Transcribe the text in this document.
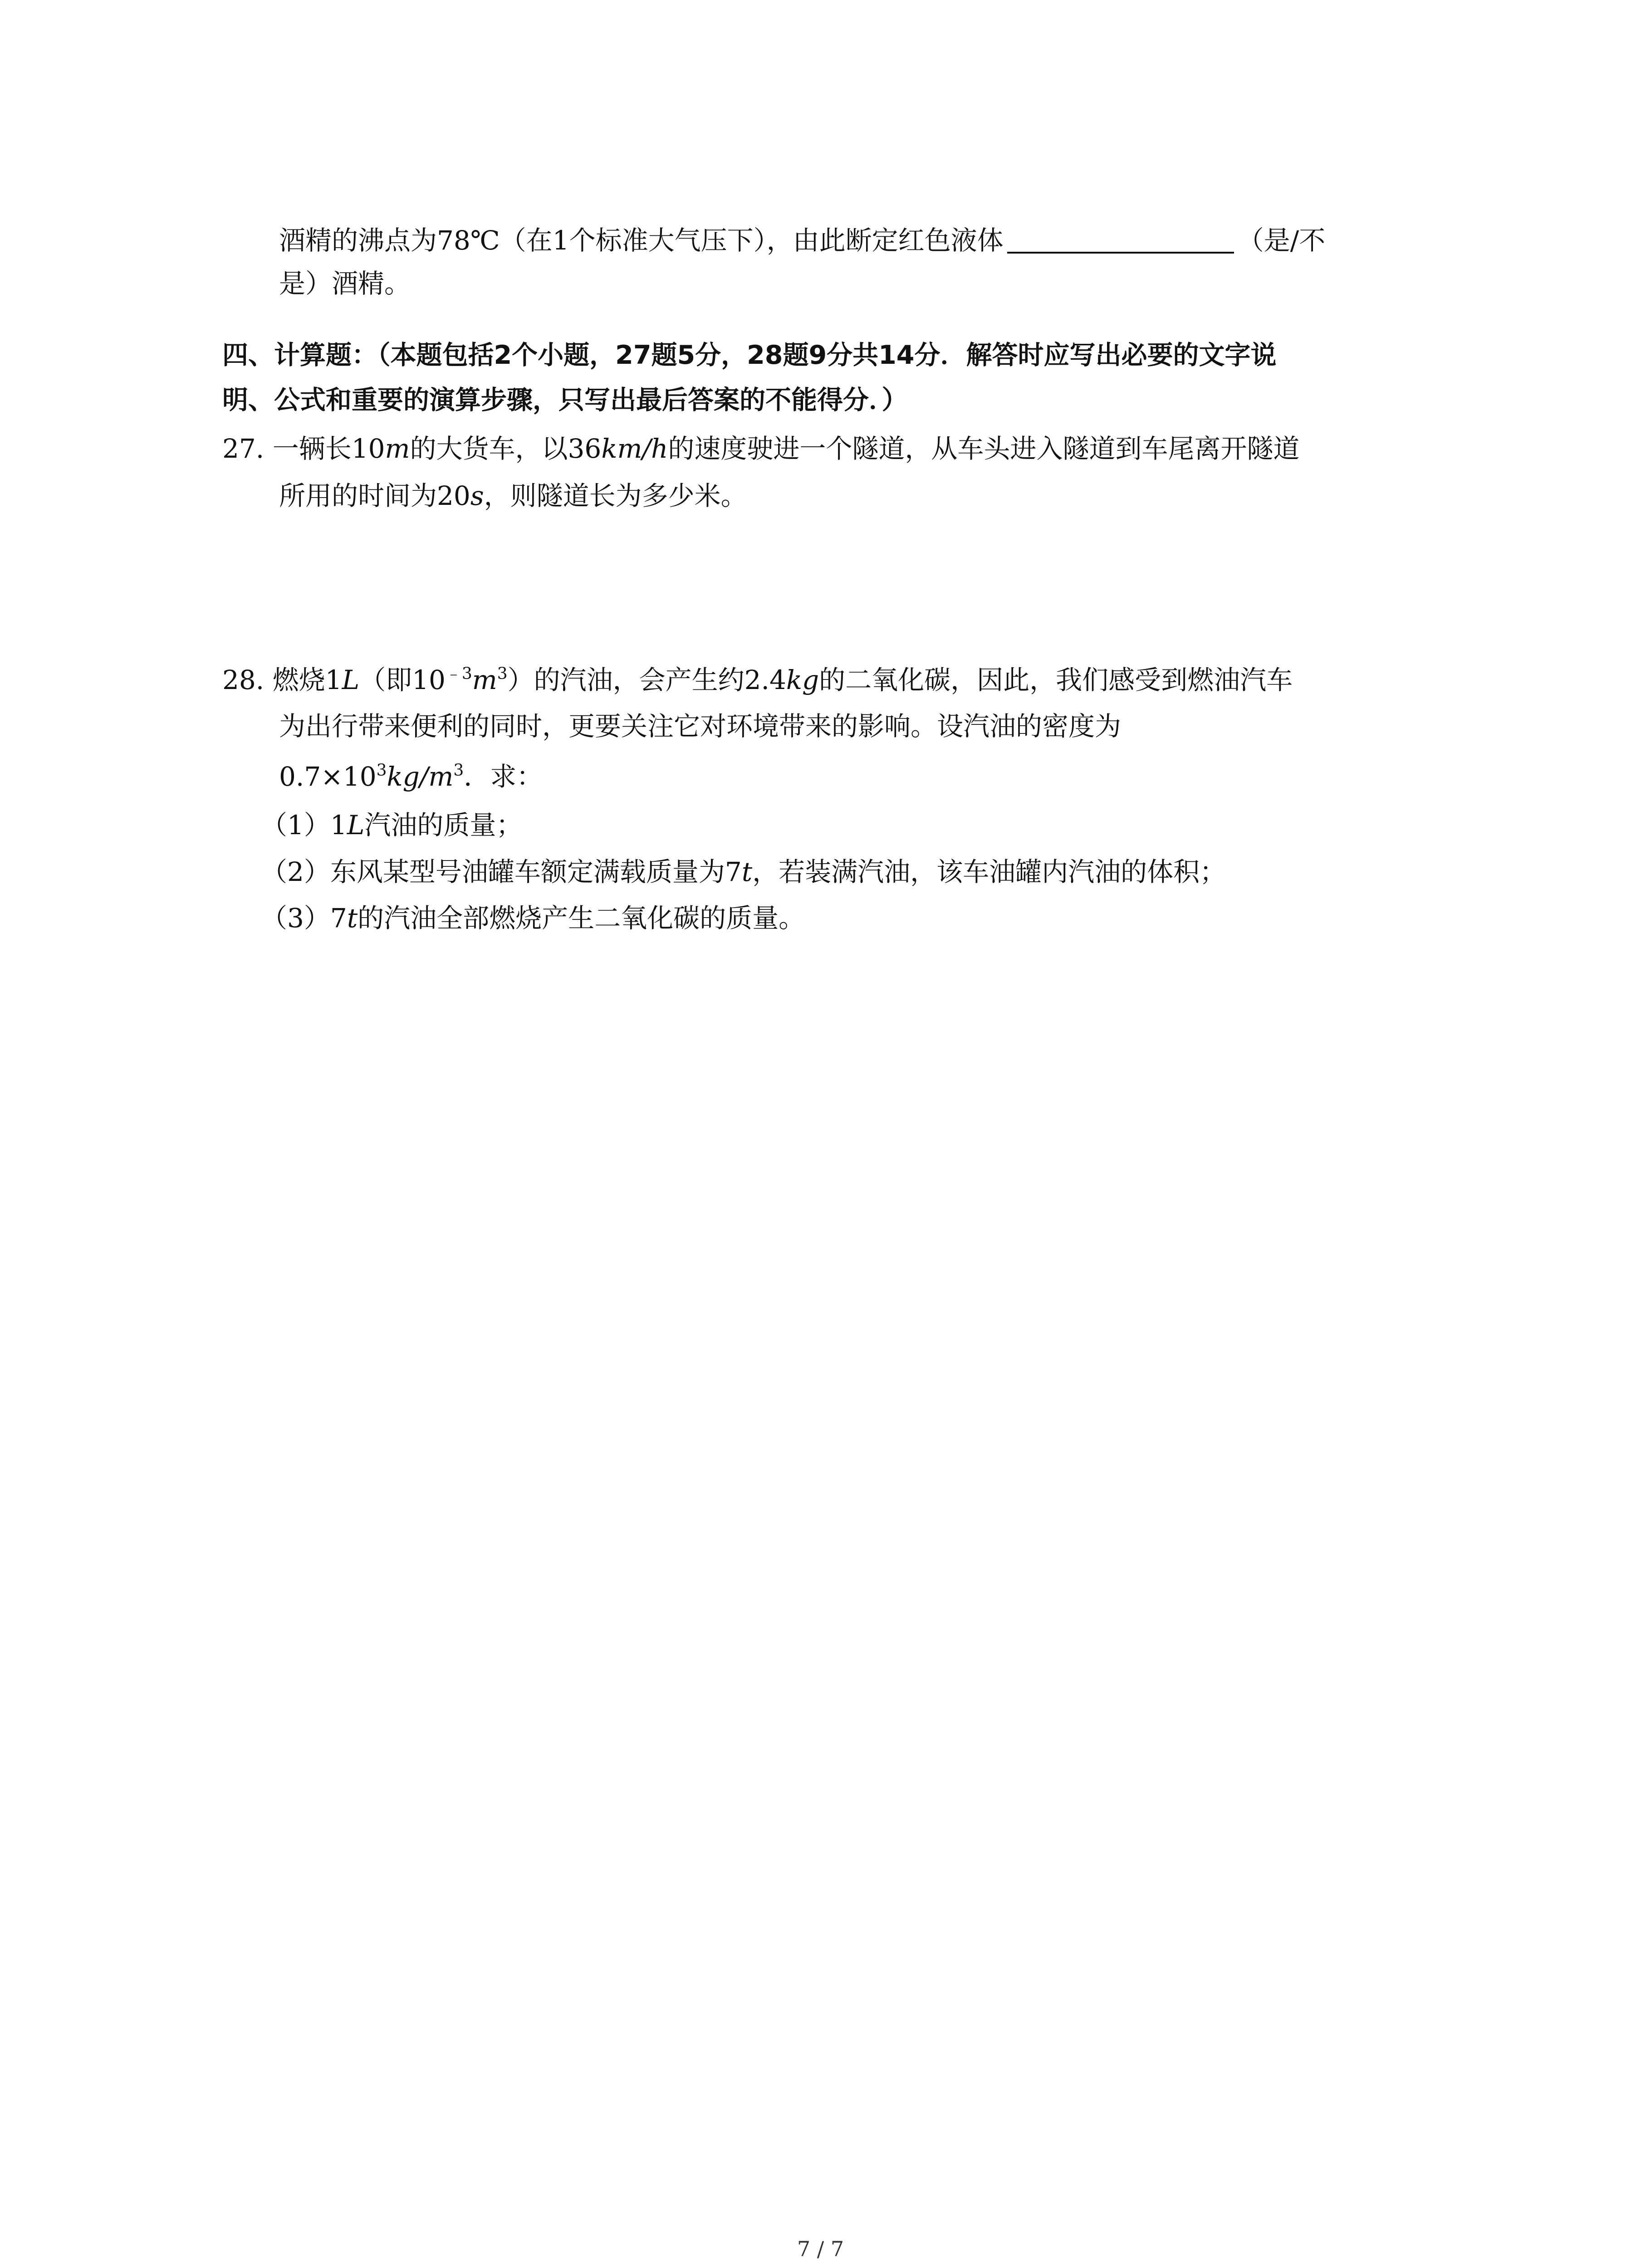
酒精的沸点为78℃（在1个标准大气压下），由此断定红色液体	（是/不
是）酒精。
四、计算题：（本题包括2个小题，27题5分，28题9分共14分．解答时应写出必要的文字说
明、公式和重要的演算步骤，只写出最后答案的不能得分．）
27. 一辆长10m的大货车，以36km/h的速度驶进一个隧道，从车头进入隧道到车尾离开隧道
所用的时间为20s，则隧道长为多少米。
28. 燃烧1L（即$10^{﹣3}m^3$）的汽油，会产生约2.4kg的二氧化碳，因此，我们感受到燃油汽车
为出行带来便利的同时，更要关注它对环境带来的影响。设汽油的密度为
$0.7\times 10^3kg/m^3$．求：
（1）1L汽油的质量；
（2）东风某型号油罐车额定满载质量为7t，若装满汽油，该车油罐内汽油的体积；
（3）7t的汽油全部燃烧产生二氧化碳的质量。
7 / 7
